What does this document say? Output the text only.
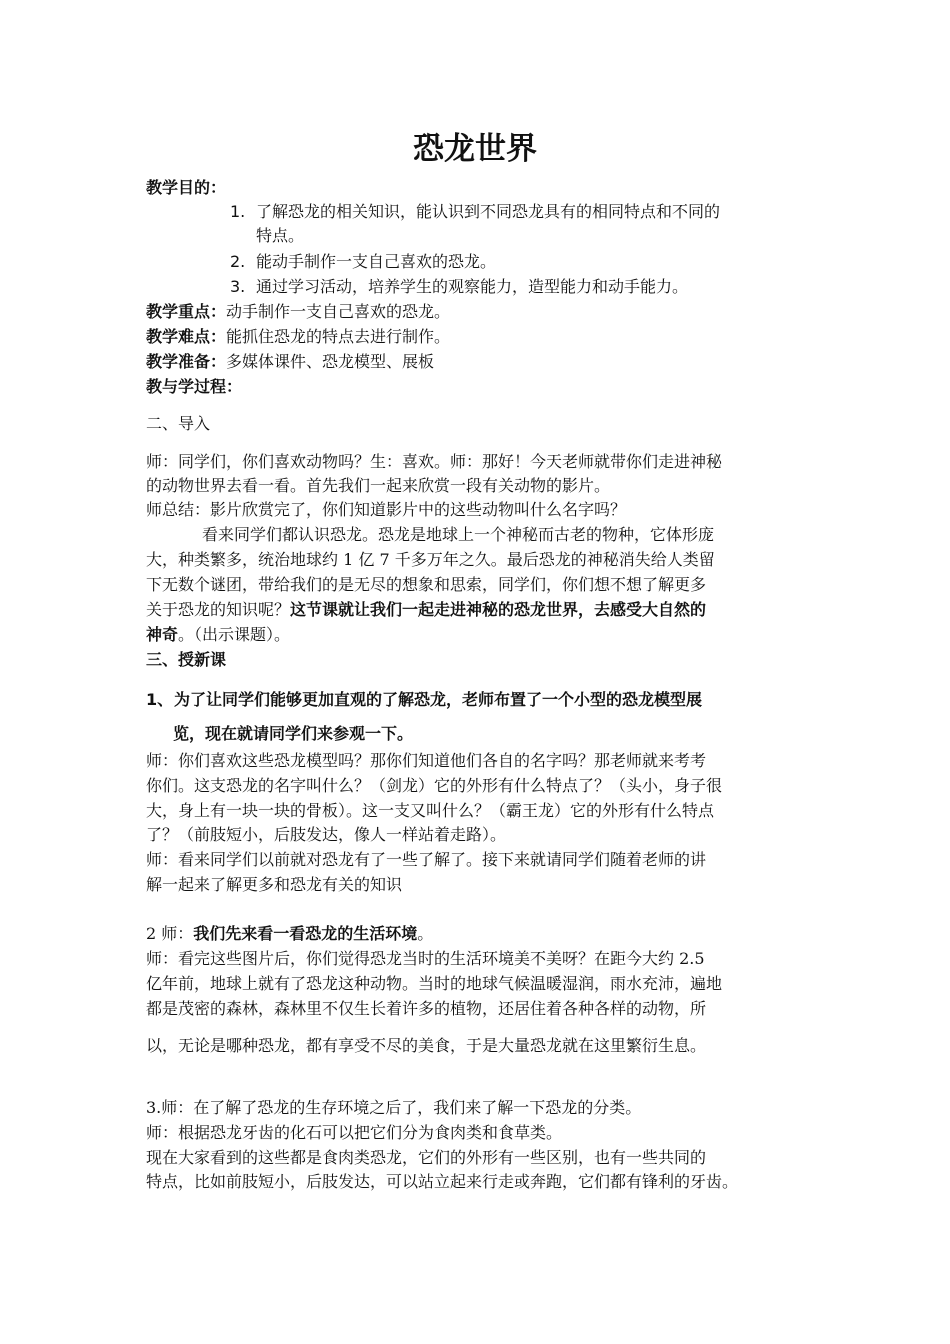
恐龙世界
教学目的：
1. 了解恐龙的相关知识，能认识到不同恐龙具有的相同特点和不同的
特点。
2. 能动手制作一支自己喜欢的恐龙。
3. 通过学习活动，培养学生的观察能力，造型能力和动手能力。
教学重点：动手制作一支自己喜欢的恐龙。
教学难点：能抓住恐龙的特点去进行制作。
教学准备：多媒体课件、恐龙模型、展板
教与学过程：
二、导入
师：同学们，你们喜欢动物吗？生：喜欢。师：那好！今天老师就带你们走进神秘
的动物世界去看一看。首先我们一起来欣赏一段有关动物的影片。
师总结：影片欣赏完了，你们知道影片中的这些动物叫什么名字吗？
看来同学们都认识恐龙。恐龙是地球上一个神秘而古老的物种，它体形庞
大，种类繁多，统治地球约 1 亿 7 千多万年之久。最后恐龙的神秘消失给人类留
下无数个谜团，带给我们的是无尽的想象和思索，同学们，你们想不想了解更多
关于恐龙的知识呢？这节课就让我们一起走进神秘的恐龙世界，去感受大自然的
神奇。（出示课题）。
三、授新课
1、为了让同学们能够更加直观的了解恐龙，老师布置了一个小型的恐龙模型展
览，现在就请同学们来参观一下。
师：你们喜欢这些恐龙模型吗？那你们知道他们各自的名字吗？那老师就来考考
你们。这支恐龙的名字叫什么？（剑龙）它的外形有什么特点了？（头小，身子很
大，身上有一块一块的骨板）。这一支又叫什么？（霸王龙）它的外形有什么特点
了？（前肢短小，后肢发达，像人一样站着走路）。
师：看来同学们以前就对恐龙有了一些了解了。接下来就请同学们随着老师的讲
解一起来了解更多和恐龙有关的知识
2 师：我们先来看一看恐龙的生活环境。
师：看完这些图片后，你们觉得恐龙当时的生活环境美不美呀？在距今大约 2.5
亿年前，地球上就有了恐龙这种动物。当时的地球气候温暖湿润，雨水充沛，遍地
都是茂密的森林，森林里不仅生长着许多的植物，还居住着各种各样的动物，所
以，无论是哪种恐龙，都有享受不尽的美食，于是大量恐龙就在这里繁衍生息。
3.师：在了解了恐龙的生存环境之后了，我们来了解一下恐龙的分类。
师：根据恐龙牙齿的化石可以把它们分为食肉类和食草类。
现在大家看到的这些都是食肉类恐龙，它们的外形有一些区别，也有一些共同的
特点，比如前肢短小，后肢发达，可以站立起来行走或奔跑，它们都有锋利的牙齿。
